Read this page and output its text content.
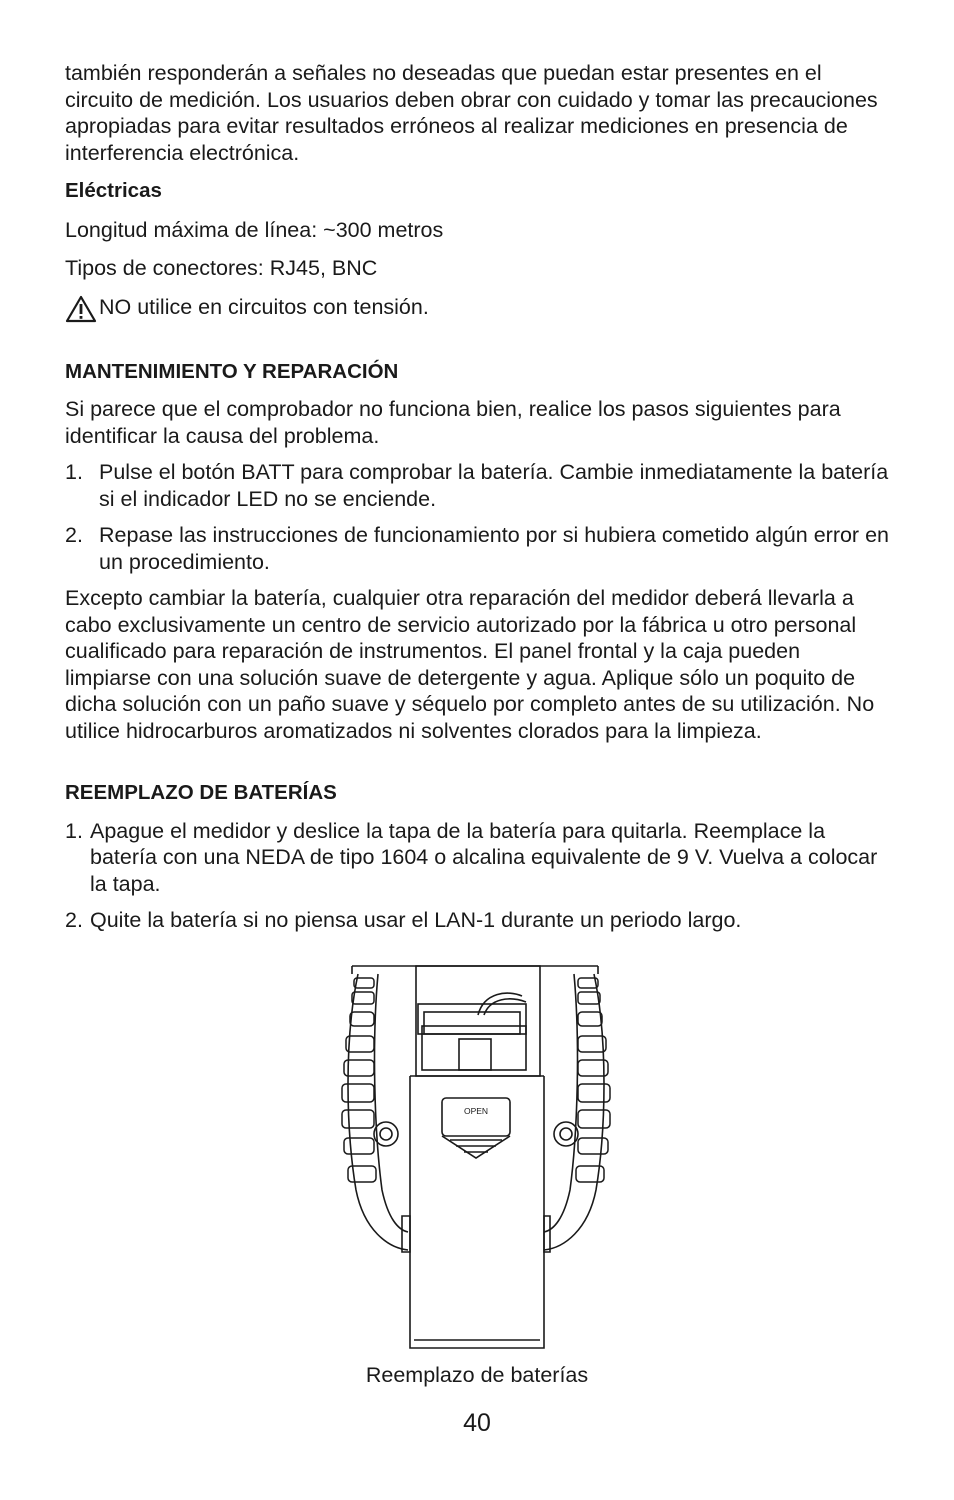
también responderán a señales no deseadas que puedan estar presentes en el circuito de medición. Los usuarios deben obrar con cuidado y tomar las precauciones apropiadas para evitar resultados erróneos al realizar mediciones en presencia de interferencia electrónica.

Eléctricas

Longitud máxima de línea: ~300 metros

Tipos de conectores: RJ45, BNC

NO utilice en circuitos con tensión.

MANTENIMIENTO Y REPARACIÓN

Si parece que el comprobador no funciona bien, realice los pasos siguientes para identificar la causa del problema.

1. Pulse el botón BATT para comprobar la batería. Cambie inmediatamente la batería si el indicador LED no se enciende.
2. Repase las instrucciones de funcionamiento por si hubiera cometido algún error en un procedimiento.

Excepto cambiar la batería, cualquier otra reparación del medidor deberá llevarla a cabo exclusivamente un centro de servicio autorizado por la fábrica u otro personal cualificado para reparación de instrumentos. El panel frontal y la caja pueden limpiarse con una solución suave de detergente y agua. Aplique sólo un poquito de dicha solución con un paño suave y séquelo por completo antes de su utilización. No utilice hidrocarburos aromatizados ni solventes clorados para la limpieza.

REEMPLAZO DE BATERÍAS

1. Apague el medidor y deslice la tapa de la batería para quitarla. Reemplace la batería con una NEDA de tipo 1604 o alcalina equivalente de 9 V. Vuelva a colocar la tapa.
2. Quite la batería si no piensa usar el LAN-1 durante un periodo largo.
OPEN
Reemplazo de baterías
40
